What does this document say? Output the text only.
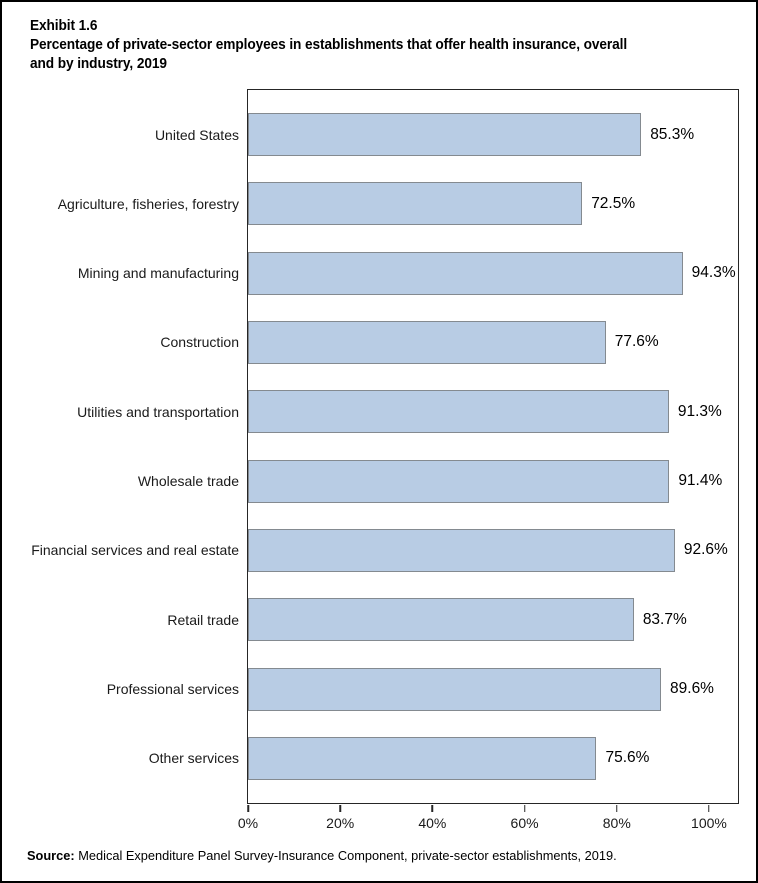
Exhibit 1.6
Percentage of private-sector employees in establishments that offer health insurance, overall
and by industry, 2019
United States	85.3%
Agriculture, fisheries, forestry	72.5%
Mining and manufacturing	94.3%
Construction	77.6%
Utilities and transportation	91.3%
Wholesale trade	91.4%
Financial services and real estate	92.6%
Retail trade	83.7%
Professional services	89.6%
Other services	75.6%
0%	20%	40%	60%	80%	100%
Source: Medical Expenditure Panel Survey-Insurance Component, private-sector establishments, 2019.
